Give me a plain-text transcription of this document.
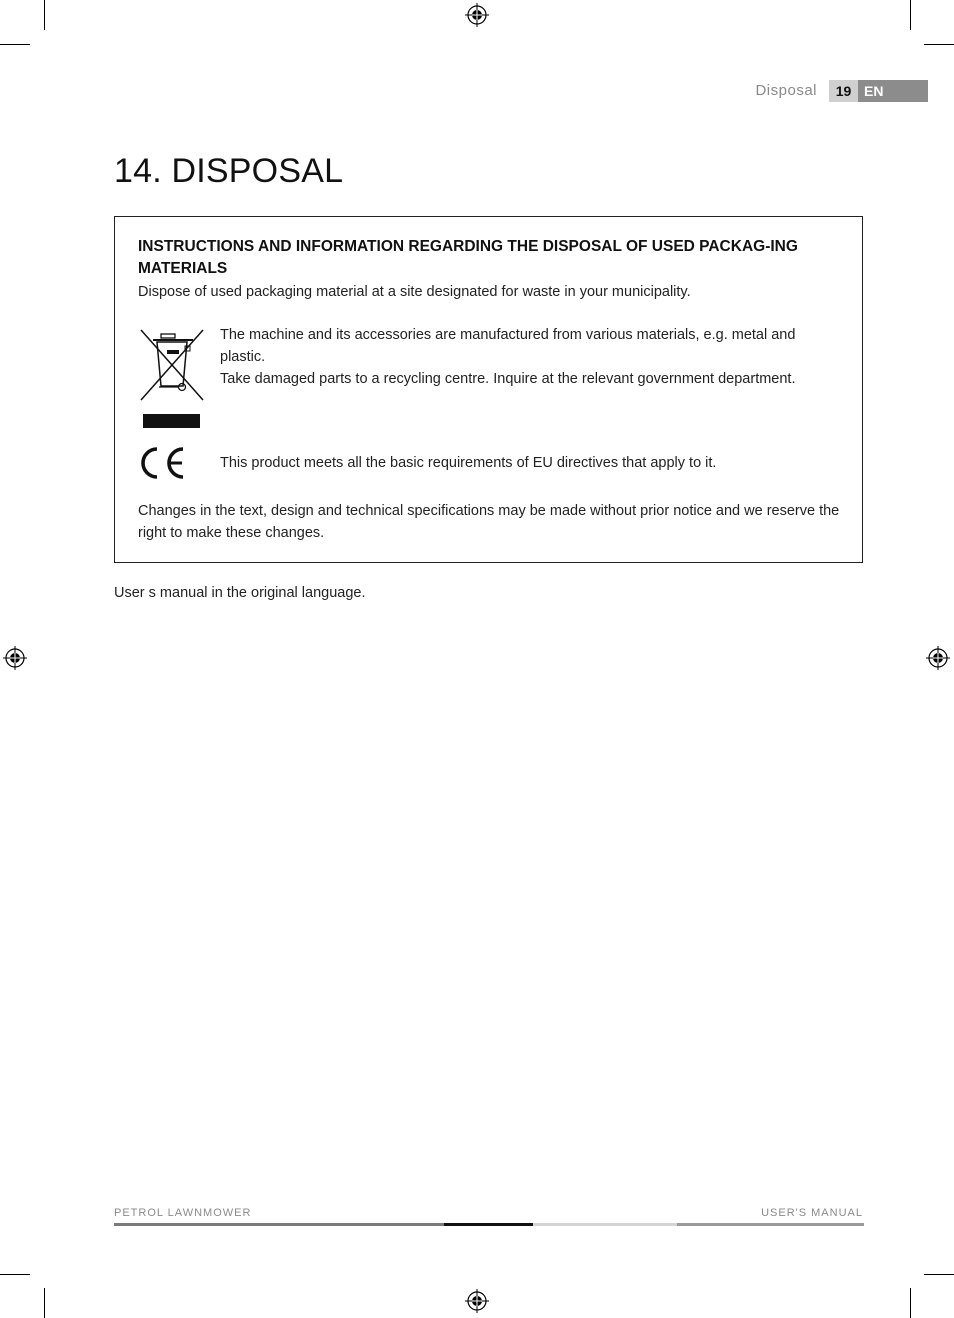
Disposal	19 EN
14. DISPOSAL

INSTRUCTIONS AND INFORMATION REGARDING THE DISPOSAL OF USED PACKAG-ING MATERIALS

Dispose of used packaging material at a site designated for waste in your municipality.

The machine and its accessories are manufactured from various materials, e.g. metal and plastic.

Take damaged parts to a recycling centre. Inquire at the relevant government department.

This product meets all the basic requirements of EU directives that apply to it.

Changes in the text, design and technical specifications may be made without prior notice and we reserve the right to make these changes.

User s manual in the original language.

PETROL LAWNMOWER	USER'S MANUAL
